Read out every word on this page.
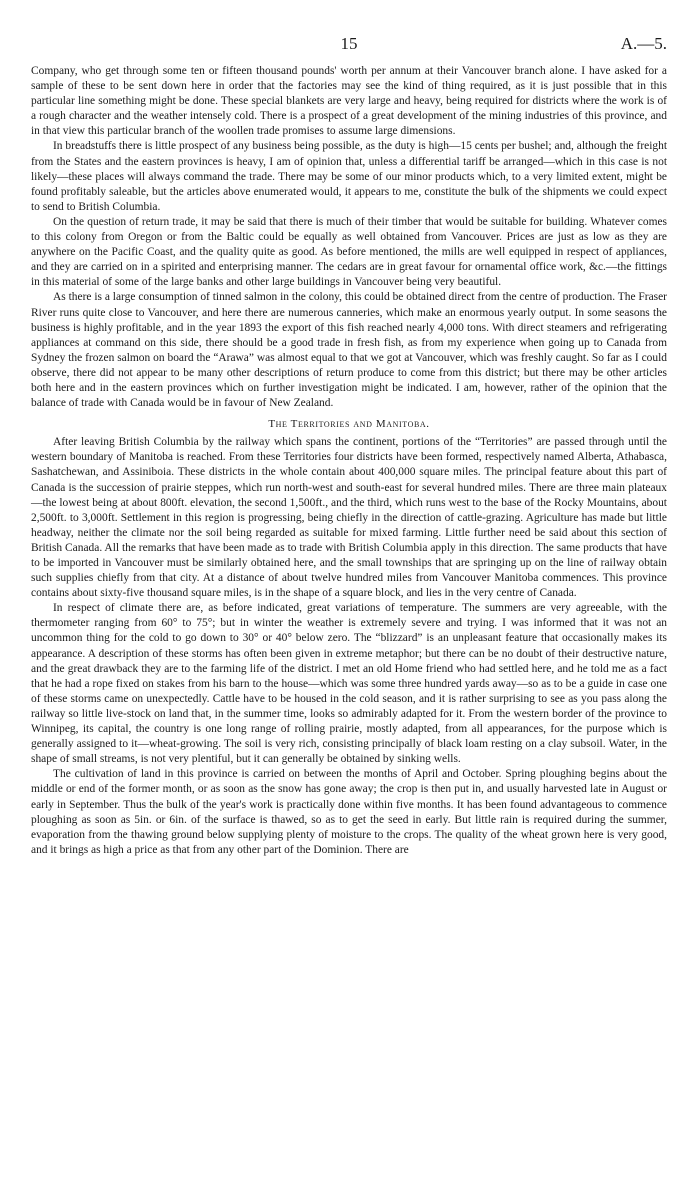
15	A.—5.

Company, who get through some ten or fifteen thousand pounds' worth per annum at their Vancouver branch alone. I have asked for a sample of these to be sent down here in order that the factories may see the kind of thing required, as it is just possible that in this particular line something might be done. These special blankets are very large and heavy, being required for districts where the work is of a rough character and the weather intensely cold. There is a prospect of a great development of the mining industries of this province, and in that view this particular branch of the woollen trade promises to assume large dimensions.

In breadstuffs there is little prospect of any business being possible, as the duty is high—15 cents per bushel; and, although the freight from the States and the eastern provinces is heavy, I am of opinion that, unless a differential tariff be arranged—which in this case is not likely—these places will always command the trade. There may be some of our minor products which, to a very limited extent, might be found profitably saleable, but the articles above enumerated would, it appears to me, constitute the bulk of the shipments we could expect to send to British Columbia.

On the question of return trade, it may be said that there is much of their timber that would be suitable for building. Whatever comes to this colony from Oregon or from the Baltic could be equally as well obtained from Vancouver. Prices are just as low as they are anywhere on the Pacific Coast, and the quality quite as good. As before mentioned, the mills are well equipped in respect of appliances, and they are carried on in a spirited and enterprising manner. The cedars are in great favour for ornamental office work, &c.—the fittings in this material of some of the large banks and other large buildings in Vancouver being very beautiful.

As there is a large consumption of tinned salmon in the colony, this could be obtained direct from the centre of production. The Fraser River runs quite close to Vancouver, and here there are numerous canneries, which make an enormous yearly output. In some seasons the business is highly profitable, and in the year 1893 the export of this fish reached nearly 4,000 tons. With direct steamers and refrigerating appliances at command on this side, there should be a good trade in fresh fish, as from my experience when going up to Canada from Sydney the frozen salmon on board the “Arawa” was almost equal to that we got at Vancouver, which was freshly caught. So far as I could observe, there did not appear to be many other descriptions of return produce to come from this district; but there may be other articles both here and in the eastern provinces which on further investigation might be indicated. I am, however, rather of the opinion that the balance of trade with Canada would be in favour of New Zealand.

The Territories and Manitoba.

After leaving British Columbia by the railway which spans the continent, portions of the “Territories” are passed through until the western boundary of Manitoba is reached. From these Territories four districts have been formed, respectively named Alberta, Athabasca, Sashatchewan, and Assiniboia. These districts in the whole contain about 400,000 square miles. The principal feature about this part of Canada is the succession of prairie steppes, which run north-west and south-east for several hundred miles. There are three main plateaux—the lowest being at about 800ft. elevation, the second 1,500ft., and the third, which runs west to the base of the Rocky Mountains, about 2,500ft. to 3,000ft. Settlement in this region is progressing, being chiefly in the direction of cattle-grazing. Agriculture has made but little headway, neither the climate nor the soil being regarded as suitable for mixed farming. Little further need be said about this section of British Canada. All the remarks that have been made as to trade with British Columbia apply in this direction. The same products that have to be imported in Vancouver must be similarly obtained here, and the small townships that are springing up on the line of railway obtain such supplies chiefly from that city. At a distance of about twelve hundred miles from Vancouver Manitoba commences. This province contains about sixty-five thousand square miles, is in the shape of a square block, and lies in the very centre of Canada.

In respect of climate there are, as before indicated, great variations of temperature. The summers are very agreeable, with the thermometer ranging from 60° to 75°; but in winter the weather is extremely severe and trying. I was informed that it was not an uncommon thing for the cold to go down to 30° or 40° below zero. The “blizzard” is an unpleasant feature that occasionally makes its appearance. A description of these storms has often been given in extreme metaphor; but there can be no doubt of their destructive nature, and the great drawback they are to the farming life of the district. I met an old Home friend who had settled here, and he told me as a fact that he had a rope fixed on stakes from his barn to the house—which was some three hundred yards away—so as to be a guide in case one of these storms came on unexpectedly. Cattle have to be housed in the cold season, and it is rather surprising to see as you pass along the railway so little live-stock on land that, in the summer time, looks so admirably adapted for it. From the western border of the province to Winnipeg, its capital, the country is one long range of rolling prairie, mostly adapted, from all appearances, for the purpose which is generally assigned to it—wheat-growing. The soil is very rich, consisting principally of black loam resting on a clay subsoil. Water, in the shape of small streams, is not very plentiful, but it can generally be obtained by sinking wells.

The cultivation of land in this province is carried on between the months of April and October. Spring ploughing begins about the middle or end of the former month, or as soon as the snow has gone away; the crop is then put in, and usually harvested late in August or early in September. Thus the bulk of the year's work is practically done within five months. It has been found advantageous to commence ploughing as soon as 5in. or 6in. of the surface is thawed, so as to get the seed in early. But little rain is required during the summer, evaporation from the thawing ground below supplying plenty of moisture to the crops. The quality of the wheat grown here is very good, and it brings as high a price as that from any other part of the Dominion. There are
